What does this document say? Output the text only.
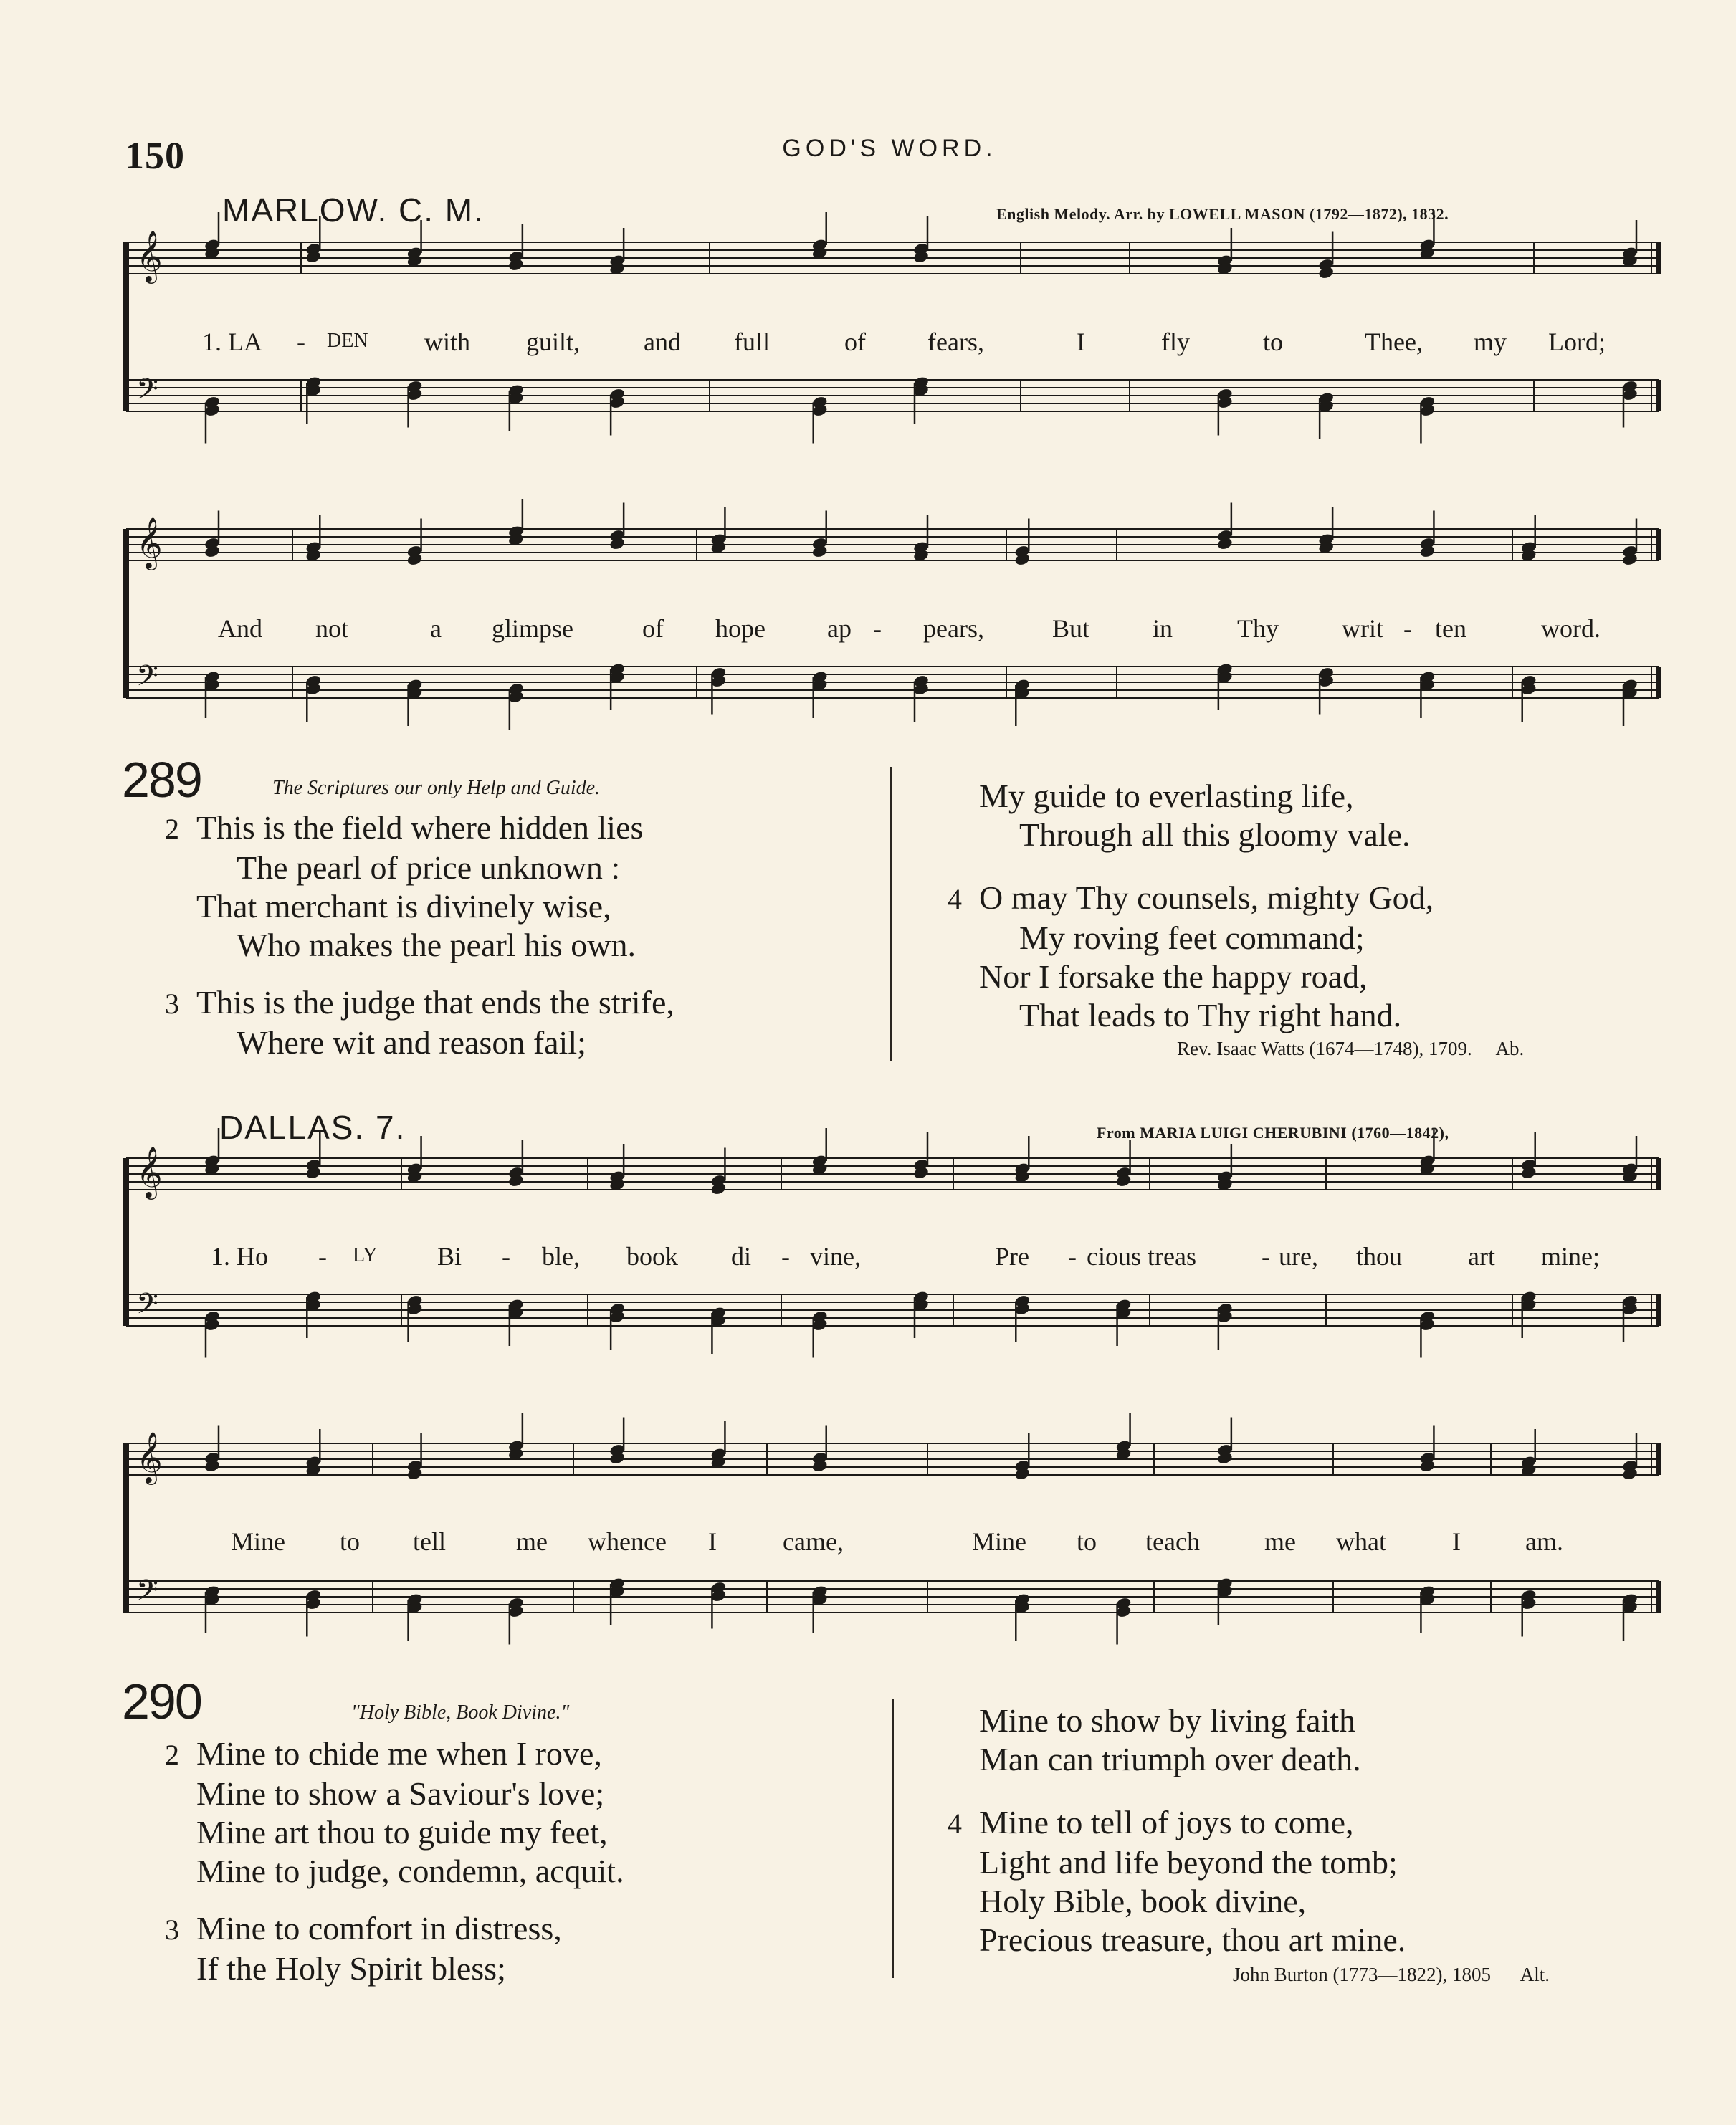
150	GOD'S WORD.
MARLOW. C. M.	English Melody. Arr. by LOWELL MASON (1792—1872), 1832.
𝄞
𝄢
𝄞
𝄢
𝄞
𝄢
𝄞
𝄢
1. LA - DEN with guilt, and full	of fears,	I	fly	to	Thee, my Lord;
And not	a glimpse	of hope ap - pears,	But in Thy writ - ten	word.
289	The Scriptures our only Help and Guide.
2 This is the field where hidden lies
The pearl of price unknown :
That merchant is divinely wise,
Who makes the pearl his own.
3 This is the judge that ends the strife,
Where wit and reason fail;
My guide to everlasting life,
Through all this gloomy vale.
4 O may Thy counsels, mighty God,
My roving feet command;
Nor I forsake the happy road,
That leads to Thy right hand.
Rev. Isaac Watts (1674—1748), 1709. Ab.
DALLAS. 7.	From MARIA LUIGI CHERUBINI (1760—1842),
1. Ho - LY Bi - ble, book di - vine,	Pre - cious treas	- ure, thou	art mine;
Mine to tell	me whence I	came,	Mine to teach	me what	I	am.
290	"Holy Bible, Book Divine."
2 Mine to chide me when I rove,
Mine to show a Saviour's love;
Mine art thou to guide my feet,
Mine to judge, condemn, acquit.
3 Mine to comfort in distress,
If the Holy Spirit bless;
Mine to show by living faith
Man can triumph over death.
4 Mine to tell of joys to come,
Light and life beyond the tomb;
Holy Bible, book divine,
Precious treasure, thou art mine.
John Burton (1773—1822), 1805 Alt.
